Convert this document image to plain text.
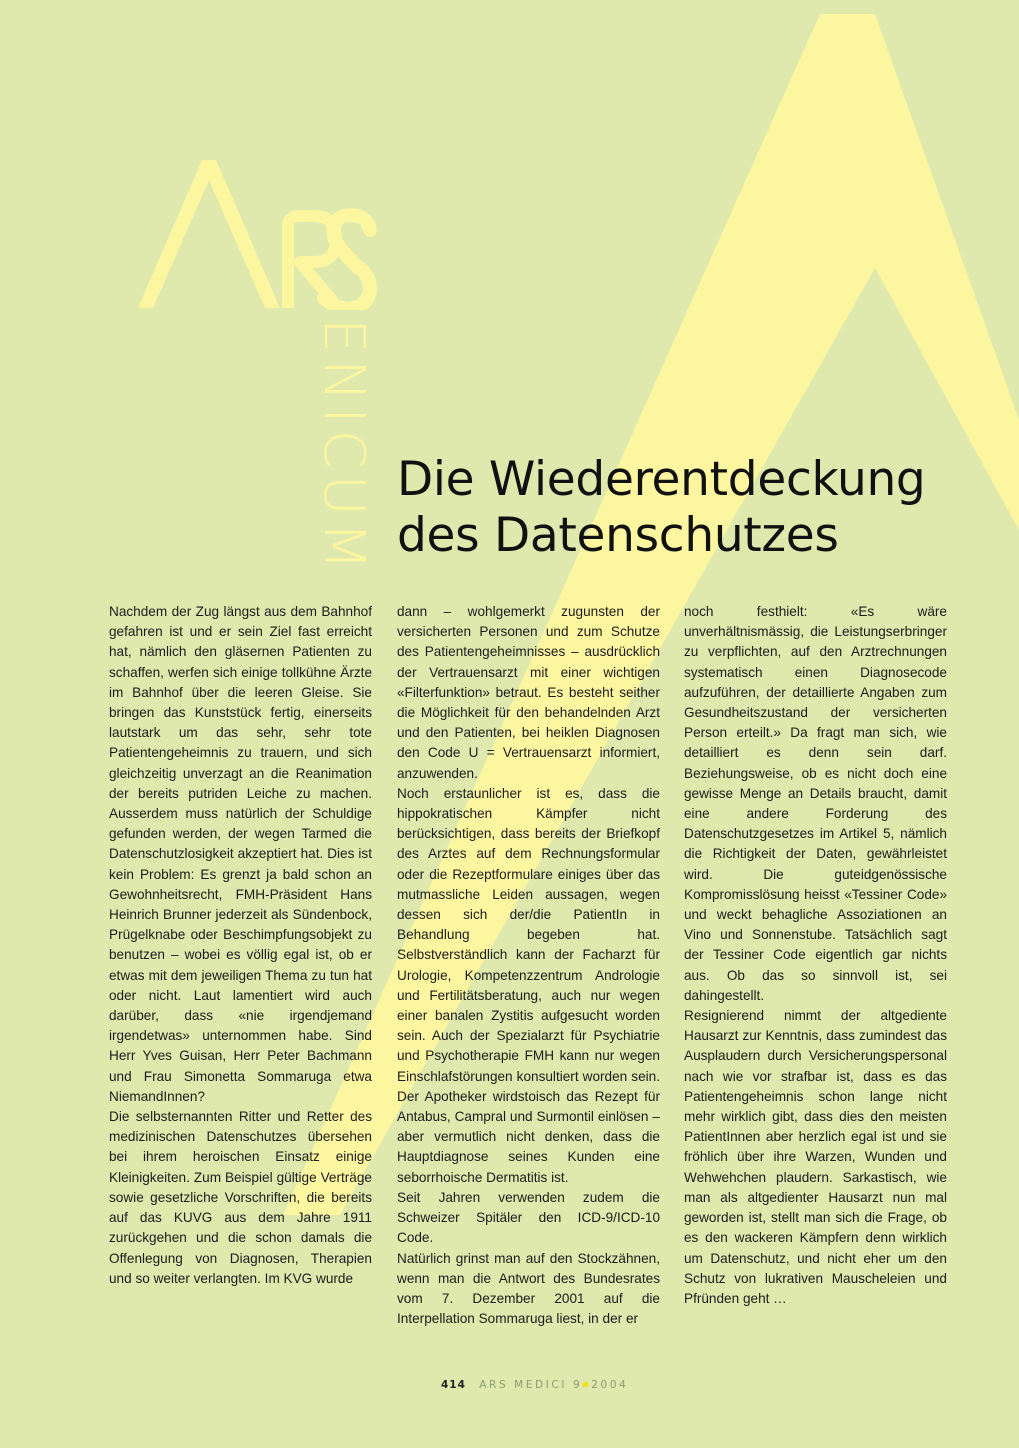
ENICUM Die Wiederentdeckung
des Datenschutzes

Nachdem der Zug längst aus dem Bahnhof gefahren ist und er sein Ziel fast erreicht hat, nämlich den gläsernen Patienten zu schaffen, werfen sich einige tollkühne Ärzte im Bahnhof über die leeren Gleise. Sie bringen das Kunststück fertig, einerseits lautstark um das sehr, sehr tote Patientengeheimnis zu trauern, und sich gleichzeitig unverzagt an die Reanimation der bereits putriden Leiche zu machen. Ausserdem muss natürlich der Schuldige gefunden werden, der wegen Tarmed die Datenschutzlosigkeit akzeptiert hat. Dies ist kein Problem: Es grenzt ja bald schon an Gewohnheitsrecht, FMH-Präsident Hans Heinrich Brunner jederzeit als Sündenbock, Prügelknabe oder Beschimpfungsobjekt zu benutzen – wobei es völlig egal ist, ob er etwas mit dem jeweiligen Thema zu tun hat oder nicht. Laut lamentiert wird auch darüber, dass «nie irgendjemand irgendetwas» unternommen habe. Sind Herr Yves Guisan, Herr Peter Bachmann und Frau Simonetta Sommaruga etwa NiemandInnen?

Die selbsternannten Ritter und Retter des medizinischen Datenschutzes übersehen bei ihrem heroischen Einsatz einige Kleinigkeiten. Zum Beispiel gültige Verträge sowie gesetzliche Vorschriften, die bereits auf das KUVG aus dem Jahre 1911 zurückgehen und die schon damals die Offenlegung von Diagnosen, Therapien und so weiter verlangten. Im KVG wurde

dann – wohlgemerkt zugunsten der versicherten Personen und zum Schutze des Patientengeheimnisses – ausdrücklich der Vertrauensarzt mit einer wichtigen «Filterfunktion» betraut. Es besteht seither die Möglichkeit für den behandelnden Arzt und den Patienten, bei heiklen Diagnosen den Code U = Vertrauensarzt informiert, anzuwenden.

Noch erstaunlicher ist es, dass die hippokratischen Kämpfer nicht berücksichtigen, dass bereits der Briefkopf des Arztes auf dem Rechnungsformular oder die Rezeptformulare einiges über das mutmassliche Leiden aussagen, wegen dessen sich der/die PatientIn in Behandlung begeben hat. Selbstverständlich kann der Facharzt für Urologie, Kompetenzzentrum Andrologie und Fertilitätsberatung, auch nur wegen einer banalen Zystitis aufgesucht worden sein. Auch der Spezialarzt für Psychiatrie und Psychotherapie FMH kann nur wegen Einschlafstörungen konsultiert worden sein. Der Apotheker wirdstoisch das Rezept für Antabus, Campral und Surmontil einlösen – aber vermutlich nicht denken, dass die Hauptdiagnose seines Kunden eine seborrhoische Dermatitis ist.

Seit Jahren verwenden zudem die Schweizer Spitäler den ICD-9/ICD-10 Code.

Natürlich grinst man auf den Stockzähnen, wenn man die Antwort des Bundesrates vom 7. Dezember 2001 auf die Interpellation Sommaruga liest, in der er

noch festhielt: «Es wäre unverhältnismässig, die Leistungserbringer zu verpflichten, auf den Arztrechnungen systematisch einen Diagnosecode aufzuführen, der detaillierte Angaben zum Gesundheitszustand der versicherten Person erteilt.» Da fragt man sich, wie detailliert es denn sein darf. Beziehungsweise, ob es nicht doch eine gewisse Menge an Details braucht, damit eine andere Forderung des Datenschutzgesetzes im Artikel 5, nämlich die Richtigkeit der Daten, gewährleistet wird. Die guteidgenössische Kompromisslösung heisst «Tessiner Code» und weckt behagliche Assoziationen an Vino und Sonnenstube. Tatsächlich sagt der Tessiner Code eigentlich gar nichts aus. Ob das so sinnvoll ist, sei dahingestellt.

Resignierend nimmt der altgediente Hausarzt zur Kenntnis, dass zumindest das Ausplaudern durch Versicherungspersonal nach wie vor strafbar ist, dass es das Patientengeheimnis schon lange nicht mehr wirklich gibt, dass dies den meisten PatientInnen aber herzlich egal ist und sie fröhlich über ihre Warzen, Wunden und Wehwehchen plaudern. Sarkastisch, wie man als altgedienter Hausarzt nun mal geworden ist, stellt man sich die Frage, ob es den wackeren Kämpfern denn wirklich um Datenschutz, und nicht eher um den Schutz von lukrativen Mauscheleien und Pfründen geht …

414 ARS MEDICI 9 2004
